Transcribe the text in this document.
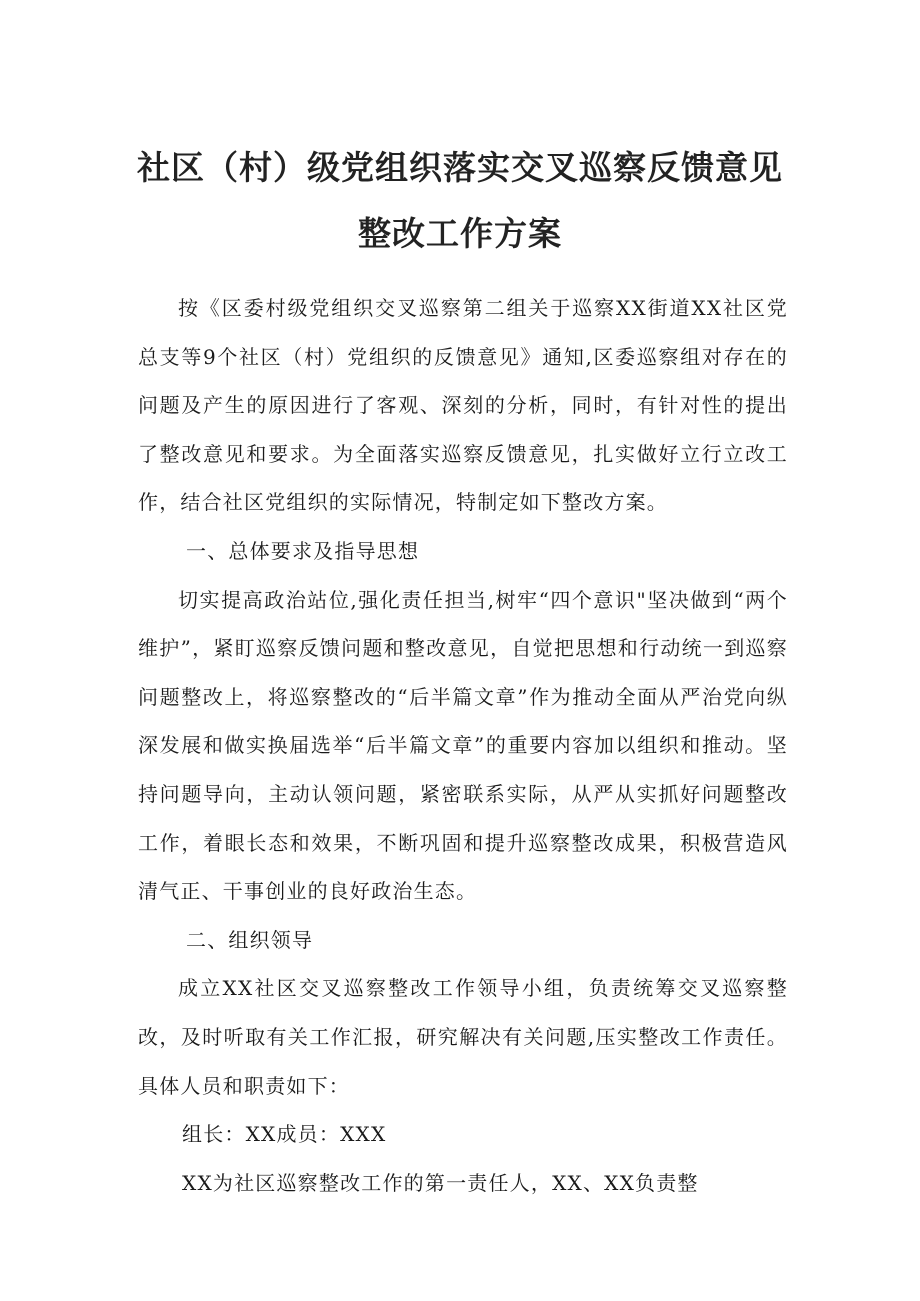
社区（村）级党组织落实交叉巡察反馈意见
整改工作方案

按《区委村级党组织交叉巡察第二组关于巡察XX街道XX社区党总支等9个社区（村）党组织的反馈意见》通知,区委巡察组对存在的问题及产生的原因进行了客观、深刻的分析，同时，有针对性的提出了整改意见和要求。为全面落实巡察反馈意见，扎实做好立行立改工作，结合社区党组织的实际情况，特制定如下整改方案。

一、总体要求及指导思想

切实提高政治站位,强化责任担当,树牢“四个意识"坚决做到“两个维护”，紧盯巡察反馈问题和整改意见，自觉把思想和行动统一到巡察问题整改上，将巡察整改的“后半篇文章”作为推动全面从严治党向纵深发展和做实换届选举“后半篇文章”的重要内容加以组织和推动。坚持问题导向，主动认领问题，紧密联系实际，从严从实抓好问题整改工作，着眼长态和效果，不断巩固和提升巡察整改成果，积极营造风清气正、干事创业的良好政治生态。

二、组织领导

成立XX社区交叉巡察整改工作领导小组，负责统筹交叉巡察整改，及时听取有关工作汇报，研究解决有关问题,压实整改工作责任。具体人员和职责如下：

组长：XX成员：XXX

XX为社区巡察整改工作的第一责任人，XX、XX负责整
